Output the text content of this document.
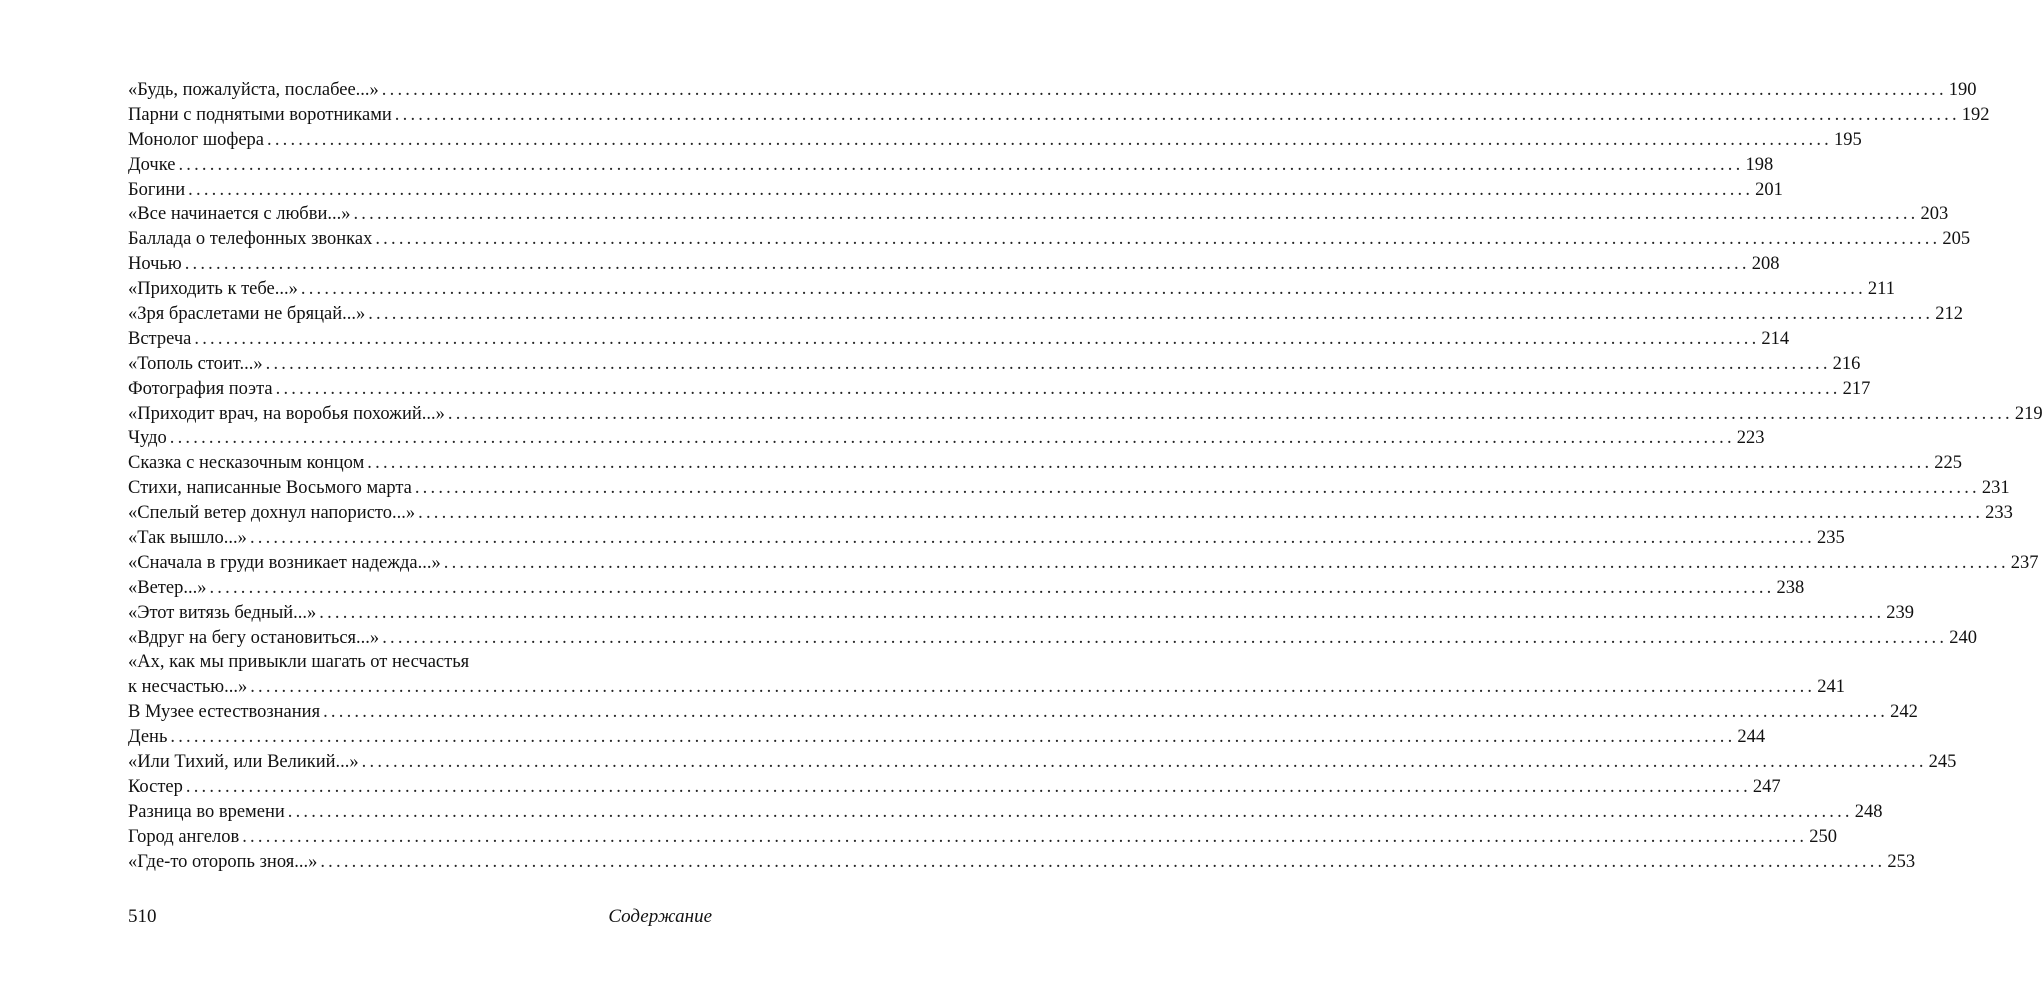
«Будь, пожалуйста, послабее...» ........................................................................................................................................................................................................ 190
Парни с поднятыми воротниками ........................................................................................................................................................................................................ 192
Монолог шофера ........................................................................................................................................................................................................ 195
Дочке ........................................................................................................................................................................................................ 198
Богини ........................................................................................................................................................................................................ 201
«Все начинается с любви...» ........................................................................................................................................................................................................ 203
Баллада о телефонных звонках ........................................................................................................................................................................................................ 205
Ночью ........................................................................................................................................................................................................ 208
«Приходить к тебе...» ........................................................................................................................................................................................................ 211
«Зря браслетами не бряцай...» ........................................................................................................................................................................................................ 212
Встреча ........................................................................................................................................................................................................ 214
«Тополь стоит...» ........................................................................................................................................................................................................ 216
Фотография поэта ........................................................................................................................................................................................................ 217
«Приходит врач, на воробья похожий...» ........................................................................................................................................................................................................ 219
Чудо ........................................................................................................................................................................................................ 223
Сказка с несказочным концом ........................................................................................................................................................................................................ 225
Стихи, написанные Восьмого марта ........................................................................................................................................................................................................ 231
«Спелый ветер дохнул напористо...» ........................................................................................................................................................................................................ 233
«Так вышло...» ........................................................................................................................................................................................................ 235
«Сначала в груди возникает надежда...» ........................................................................................................................................................................................................ 237
«Ветер...» ........................................................................................................................................................................................................ 238
«Этот витязь бедный...» ........................................................................................................................................................................................................ 239
«Вдруг на бегу остановиться...» ........................................................................................................................................................................................................ 240
«Ах, как мы привыкли шагать от несчастья
к несчастью...» ........................................................................................................................................................................................................ 241
В Музее естествознания ........................................................................................................................................................................................................ 242
День ........................................................................................................................................................................................................ 244
«Или Тихий, или Великий...» ........................................................................................................................................................................................................ 245
Костер ........................................................................................................................................................................................................ 247
Разница во времени ........................................................................................................................................................................................................ 248
Город ангелов ........................................................................................................................................................................................................ 250
«Где-то оторопь зноя...» ........................................................................................................................................................................................................ 253
510	Содержание
